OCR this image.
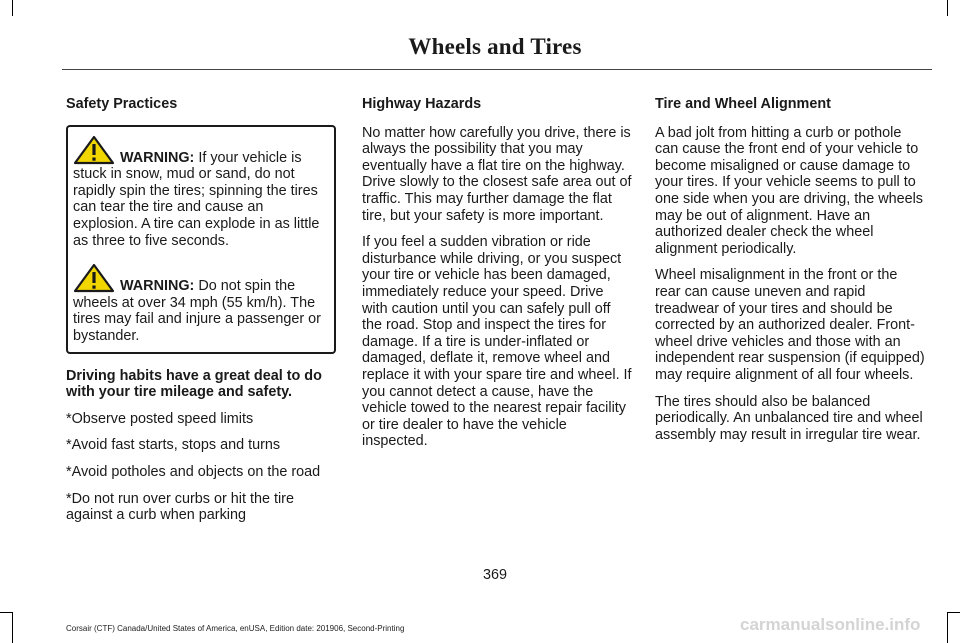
Wheels and Tires
Safety Practices

WARNING: If your vehicle is stuck in snow, mud or sand, do not rapidly spin the tires; spinning the tires can tear the tire and cause an explosion. A tire can explode in as little as three to five seconds.

WARNING: Do not spin the wheels at over 34 mph (55 km/h). The tires may fail and injure a passenger or bystander.

Driving habits have a great deal to do with your tire mileage and safety.

*Observe posted speed limits

*Avoid fast starts, stops and turns

*Avoid potholes and objects on the road

*Do not run over curbs or hit the tire against a curb when parking

Highway Hazards

No matter how carefully you drive, there is always the possibility that you may eventually have a flat tire on the highway. Drive slowly to the closest safe area out of traffic. This may further damage the flat tire, but your safety is more important.

If you feel a sudden vibration or ride disturbance while driving, or you suspect your tire or vehicle has been damaged, immediately reduce your speed. Drive with caution until you can safely pull off the road. Stop and inspect the tires for damage. If a tire is under-inflated or damaged, deflate it, remove wheel and replace it with your spare tire and wheel. If you cannot detect a cause, have the vehicle towed to the nearest repair facility or tire dealer to have the vehicle inspected.

Tire and Wheel Alignment

A bad jolt from hitting a curb or pothole can cause the front end of your vehicle to become misaligned or cause damage to your tires. If your vehicle seems to pull to one side when you are driving, the wheels may be out of alignment. Have an authorized dealer check the wheel alignment periodically.

Wheel misalignment in the front or the rear can cause uneven and rapid treadwear of your tires and should be corrected by an authorized dealer. Front-wheel drive vehicles and those with an independent rear suspension (if equipped) may require alignment of all four wheels.

The tires should also be balanced periodically. An unbalanced tire and wheel assembly may result in irregular tire wear.

369
Corsair (CTF) Canada/United States of America, enUSA, Edition date: 201906, Second-Printing	carmanualsonline.info
